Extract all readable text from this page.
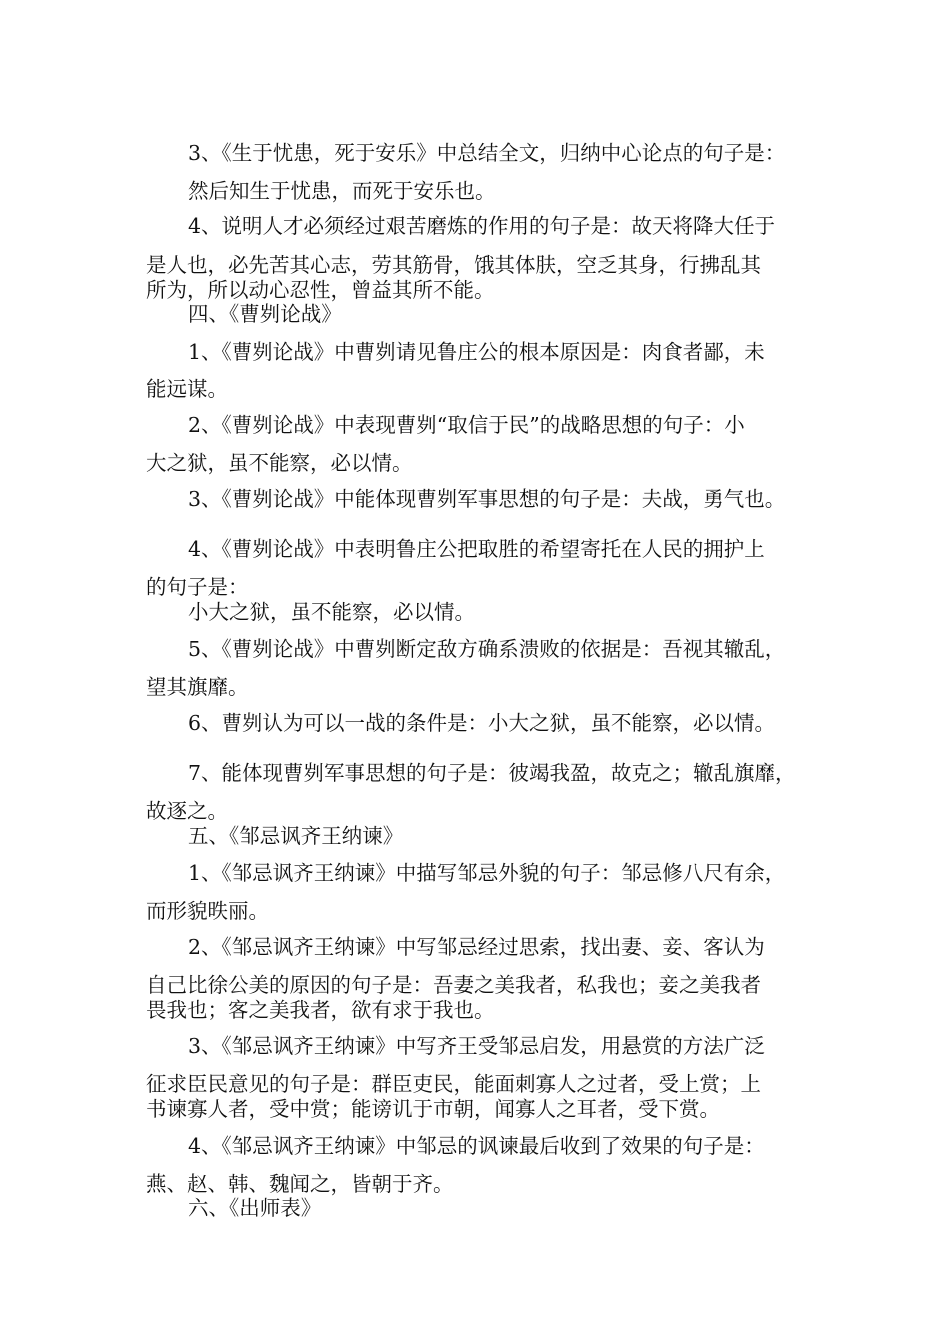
3、《生于忧患，死于安乐》中总结全文，归纳中心论点的句子是：
然后知生于忧患，而死于安乐也。
4、说明人才必须经过艰苦磨炼的作用的句子是：故天将降大任于
是人也，必先苦其心志，劳其筋骨，饿其体肤，空乏其身，行拂乱其
所为，所以动心忍性，曾益其所不能。
四、《曹刿论战》
1、《曹刿论战》中曹刿请见鲁庄公的根本原因是：肉食者鄙，未
能远谋。
2、《曹刿论战》中表现曹刿“取信于民”的战略思想的句子：小
大之狱，虽不能察，必以情。
3、《曹刿论战》中能体现曹刿军事思想的句子是：夫战，勇气也。
4、《曹刿论战》中表明鲁庄公把取胜的希望寄托在人民的拥护上
的句子是：
小大之狱，虽不能察，必以情。
5、《曹刿论战》中曹刿断定敌方确系溃败的依据是：吾视其辙乱，
望其旗靡。
6、曹刿认为可以一战的条件是：小大之狱，虽不能察，必以情。
7、能体现曹刿军事思想的句子是：彼竭我盈，故克之；辙乱旗靡，
故逐之。
五、《邹忌讽齐王纳谏》
1、《邹忌讽齐王纳谏》中描写邹忌外貌的句子：邹忌修八尺有余，
而形貌昳丽。
2、《邹忌讽齐王纳谏》中写邹忌经过思索，找出妻、妾、客认为
自己比徐公美的原因的句子是：吾妻之美我者，私我也；妾之美我者
畏我也；客之美我者，欲有求于我也。
3、《邹忌讽齐王纳谏》中写齐王受邹忌启发，用悬赏的方法广泛
征求臣民意见的句子是：群臣吏民，能面刺寡人之过者，受上赏；上
书谏寡人者，受中赏；能谤讥于市朝，闻寡人之耳者，受下赏。
4、《邹忌讽齐王纳谏》中邹忌的讽谏最后收到了效果的句子是：
燕、赵、韩、魏闻之，皆朝于齐。
六、《出师表》
